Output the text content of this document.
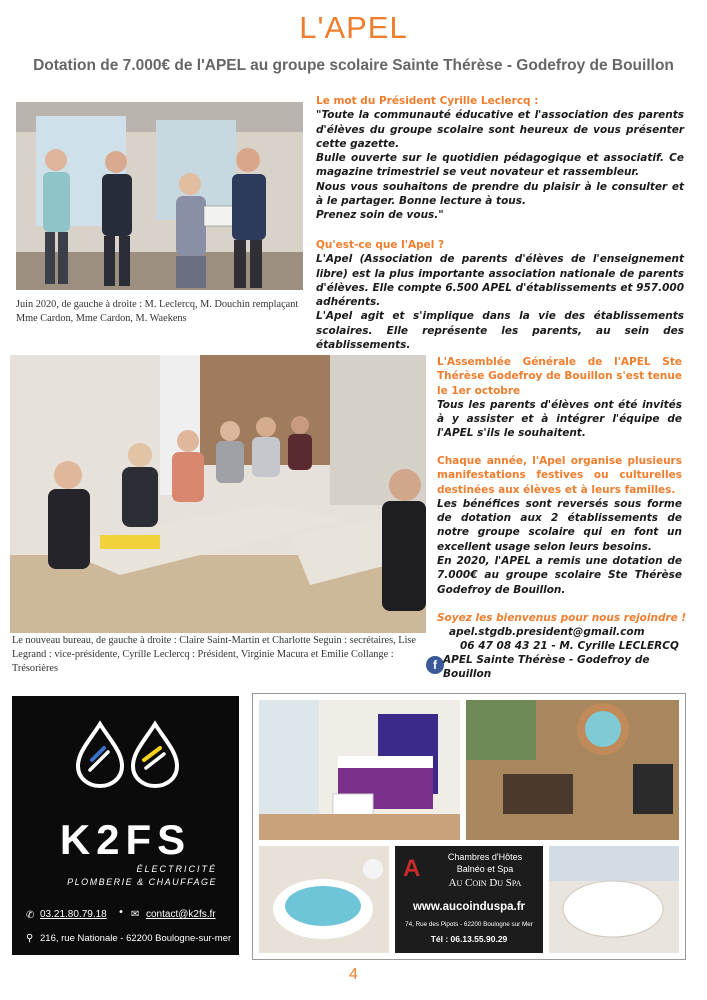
L'APEL
Dotation de 7.000€ de l'APEL au groupe scolaire Sainte Thérèse - Godefroy de Bouillon
Juin 2020, de gauche à droite : M. Leclercq, M. Douchin remplaçant Mme Cardon, Mme Cardon, M. Waekens
Le mot du Président Cyrille Leclercq :
"Toute la communauté éducative et l'association des parents d'élèves du groupe scolaire sont heureux de vous présenter cette gazette.
Bulle ouverte sur le quotidien pédagogique et associatif. Ce magazine trimestriel se veut novateur et rassembleur.
Nous vous souhaitons de prendre du plaisir à le consulter et à le partager. Bonne lecture à tous.
Prenez soin de vous."
Qu'est-ce que l'Apel ?
L'Apel (Association de parents d'élèves de l'enseignement libre) est la plus importante association nationale de parents d'élèves. Elle compte 6.500 APEL d'établissements et 957.000 adhérents.
L'Apel agit et s'implique dans la vie des établissements scolaires. Elle représente les parents, au sein des établissements.
Le nouveau bureau, de gauche à droite : Claire Saint-Martin et Charlotte Seguin : secrétaires, Lise Legrand : vice-présidente, Cyrille Leclercq : Président, Virginie Macura et Emilie Collange : Trésorières
L'Assemblée Générale de l'APEL Ste Thérèse Godefroy de Bouillon s'est tenue le 1er octobre
Tous les parents d'élèves ont été invités à y assister et à intégrer l'équipe de l'APEL s'ils le souhaitent.
Chaque année, l'Apel organise plusieurs manifestations festives ou culturelles destinées aux élèves et à leurs familles.
Les bénéfices sont reversés sous forme de dotation aux 2 établissements de notre groupe scolaire qui en font un excellent usage selon leurs besoins.
En 2020, l'APEL a remis une dotation de 7.000€ au groupe scolaire Ste Thérèse Godefroy de Bouillon.
Soyez les bienvenus pour nous rejoindre !
apel.stgdb.president@gmail.com
06 47 08 43 21 - M. Cyrille LECLERCQ
f APEL Sainte Thérèse - Godefroy de Bouillon
K2FS
ÉLECTRICITÉ
PLOMBERIE & CHAUFFAGE
✆ 03.21.80.79.18 • ✉ contact@k2fs.fr
⚲ 216, rue Nationale - 62200 Boulogne-sur-mer
A	Chambres d'Hôtes
Balnéo et Spa
Au Coin Du Spa
www.aucoinduspa.fr
74, Rue des Pipots - 62200 Boulogne sur Mer
Tél : 06.13.55.90.29
4
